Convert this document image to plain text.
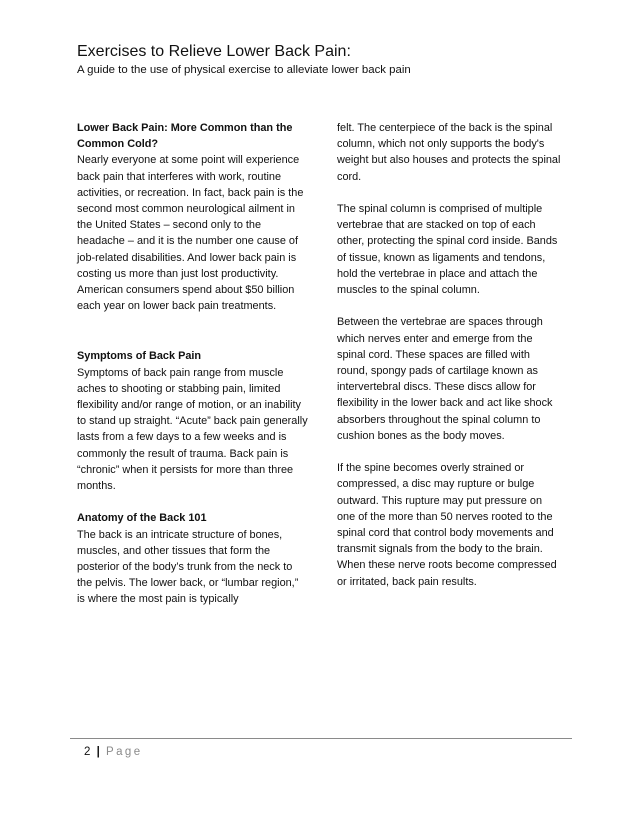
Exercises to Relieve Lower Back Pain:
A guide to the use of physical exercise to alleviate lower back pain

Lower Back Pain: More Common than the Common Cold?

Nearly everyone at some point will experience back pain that interferes with work, routine activities, or recreation. In fact, back pain is the second most common neurological ailment in the United States – second only to the headache – and it is the number one cause of job-related disabilities. And lower back pain is costing us more than just lost productivity. American consumers spend about $50 billion each year on lower back pain treatments.

Symptoms of Back Pain

Symptoms of back pain range from muscle aches to shooting or stabbing pain, limited flexibility and/or range of motion, or an inability to stand up straight. “Acute” back pain generally lasts from a few days to a few weeks and is commonly the result of trauma. Back pain is “chronic” when it persists for more than three months.

Anatomy of the Back 101

The back is an intricate structure of bones, muscles, and other tissues that form the posterior of the body’s trunk from the neck to the pelvis. The lower back, or “lumbar region,” is where the most pain is typically

felt. The centerpiece of the back is the spinal column, which not only supports the body's weight but also houses and protects the spinal cord.

The spinal column is comprised of multiple vertebrae that are stacked on top of each other, protecting the spinal cord inside. Bands of tissue, known as ligaments and tendons, hold the vertebrae in place and attach the muscles to the spinal column.

Between the vertebrae are spaces through which nerves enter and emerge from the spinal cord. These spaces are filled with round, spongy pads of cartilage known as intervertebral discs. These discs allow for flexibility in the lower back and act like shock absorbers throughout the spinal column to cushion bones as the body moves.

If the spine becomes overly strained or compressed, a disc may rupture or bulge outward. This rupture may put pressure on one of the more than 50 nerves rooted to the spinal cord that control body movements and transmit signals from the body to the brain. When these nerve roots become compressed or irritated, back pain results.

2 | Page
